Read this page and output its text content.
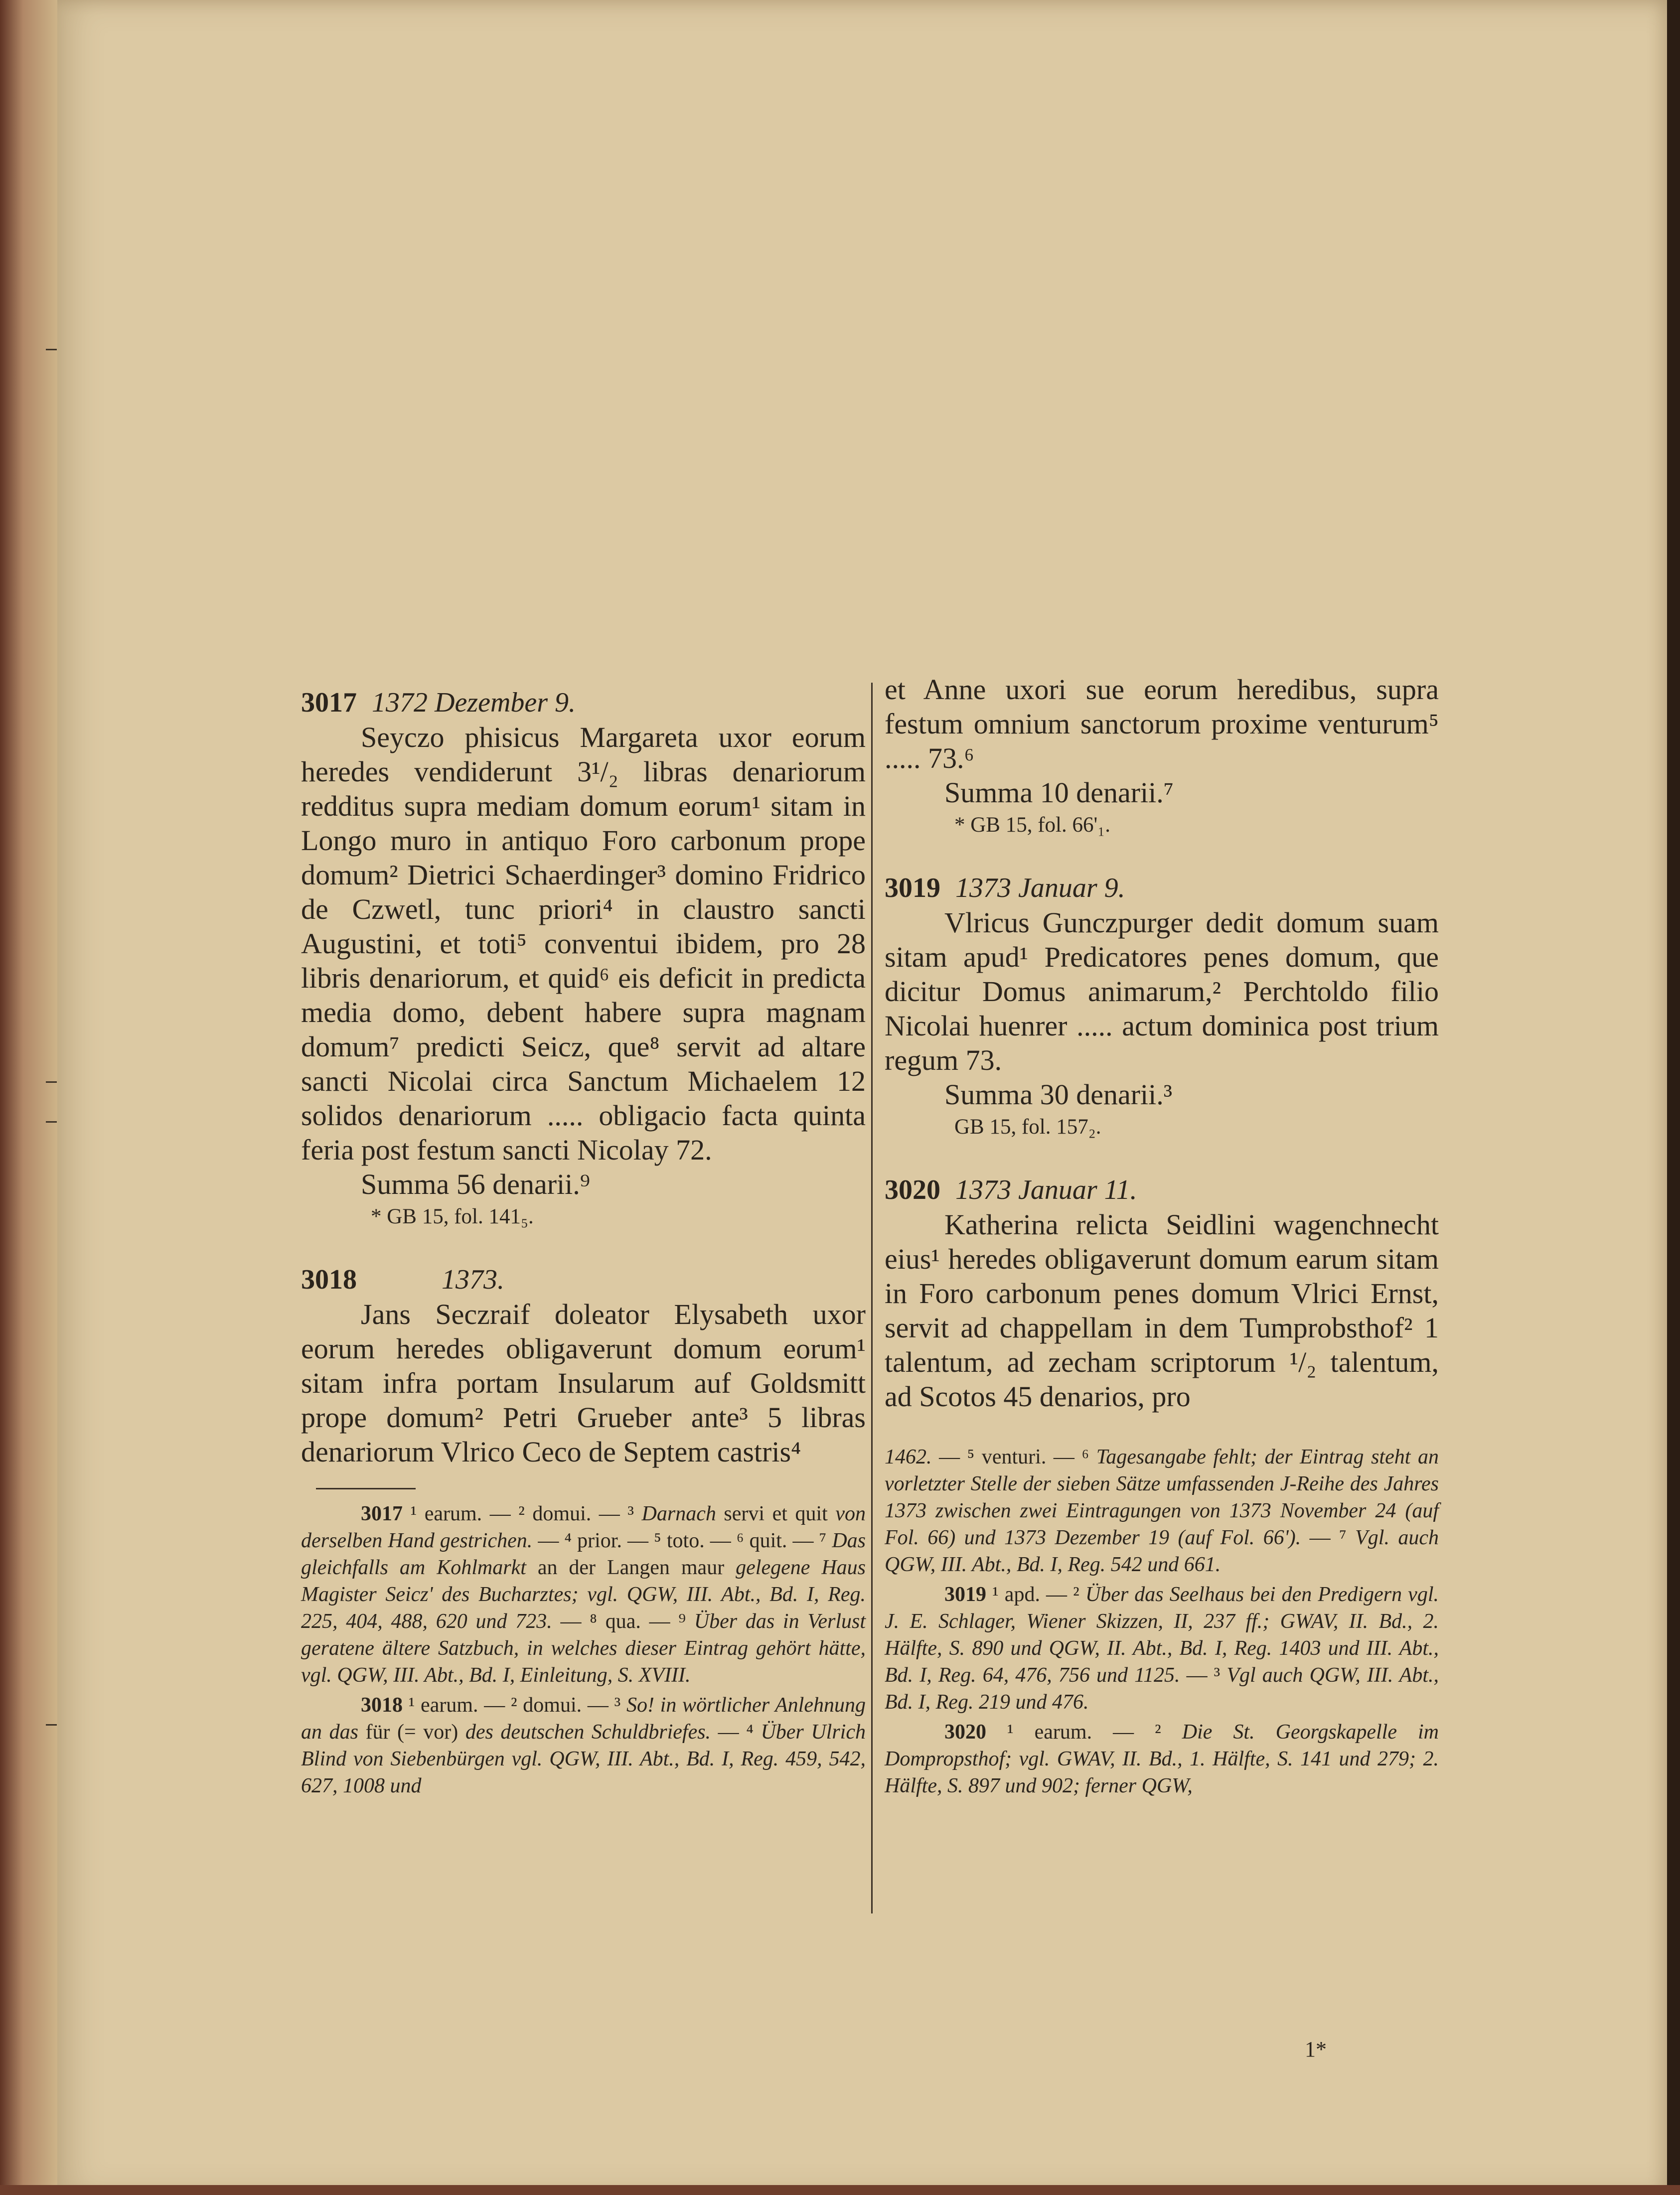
3017 1372 Dezember 9.

Seyczo phisicus Margareta uxor eorum heredes vendiderunt 3¹/₂ libras denariorum redditus supra mediam domum eorum¹ sitam in Longo muro in antiquo Foro carbonum prope domum² Dietrici Schaerdinger³ domino Fridrico de Czwetl, tunc priori⁴ in claustro sancti Augustini, et toti⁵ conventui ibidem, pro 28 libris denariorum, et quid⁶ eis deficit in predicta media domo, debent habere supra magnam domum⁷ predicti Seicz, que⁸ servit ad altare sancti Nicolai circa Sanctum Michaelem 12 solidos denariorum ..... obligacio facta quinta feria post festum sancti Nicolay 72.

Summa 56 denarii.⁹

* GB 15, fol. 141₅.

3018	1373.

Jans Seczraif doleator Elysabeth uxor eorum heredes obligaverunt domum eorum¹ sitam infra portam Insularum auf Goldsmitt prope domum² Petri Grueber ante³ 5 libras denariorum Vlrico Ceco de Septem castris⁴

3017 ¹ earum. — ² domui. — ³ Darnach servi et quit von derselben Hand gestrichen. — ⁴ prior. — ⁵ toto. — ⁶ quit. — ⁷ Das gleichfalls am Kohlmarkt an der Langen maur gelegene Haus Magister Seicz' des Bucharztes; vgl. QGW, III. Abt., Bd. I, Reg. 225, 404, 488, 620 und 723. — ⁸ qua. — ⁹ Über das in Verlust geratene ältere Satzbuch, in welches dieser Eintrag gehört hätte, vgl. QGW, III. Abt., Bd. I, Einleitung, S. XVIII.

3018 ¹ earum. — ² domui. — ³ So! in wörtlicher Anlehnung an das für (= vor) des deutschen Schuldbriefes. — ⁴ Über Ulrich Blind von Siebenbürgen vgl. QGW, III. Abt., Bd. I, Reg. 459, 542, 627, 1008 und

et Anne uxori sue eorum heredibus, supra festum omnium sanctorum proxime venturum⁵ ..... 73.⁶

Summa 10 denarii.⁷

* GB 15, fol. 66'₁.

3019 1373 Januar 9.

Vlricus Gunczpurger dedit domum suam sitam apud¹ Predicatores penes domum, que dicitur Domus animarum,² Perchtoldo filio Nicolai huenrer ..... actum dominica post trium regum 73.

Summa 30 denarii.³

GB 15, fol. 157₂.

3020 1373 Januar 11.

Katherina relicta Seidlini wagenchnecht eius¹ heredes obligaverunt domum earum sitam in Foro carbonum penes domum Vlrici Ernst, servit ad chappellam in dem Tumprobsthof² 1 talentum, ad zecham scriptorum ¹/₂ talentum, ad Scotos 45 denarios, pro

1462. — ⁵ venturi. — ⁶ Tagesangabe fehlt; der Eintrag steht an vorletzter Stelle der sieben Sätze umfassenden J-Reihe des Jahres 1373 zwischen zwei Eintragungen von 1373 November 24 (auf Fol. 66) und 1373 Dezember 19 (auf Fol. 66'). — ⁷ Vgl. auch QGW, III. Abt., Bd. I, Reg. 542 und 661.

3019 ¹ apd. — ² Über das Seelhaus bei den Predigern vgl. J. E. Schlager, Wiener Skizzen, II, 237 ff.; GWAV, II. Bd., 2. Hälfte, S. 890 und QGW, II. Abt., Bd. I, Reg. 1403 und III. Abt., Bd. I, Reg. 64, 476, 756 und 1125. — ³ Vgl auch QGW, III. Abt., Bd. I, Reg. 219 und 476.

3020 ¹ earum. — ² Die St. Georgskapelle im Dompropsthof; vgl. GWAV, II. Bd., 1. Hälfte, S. 141 und 279; 2. Hälfte, S. 897 und 902; ferner QGW,

1*
